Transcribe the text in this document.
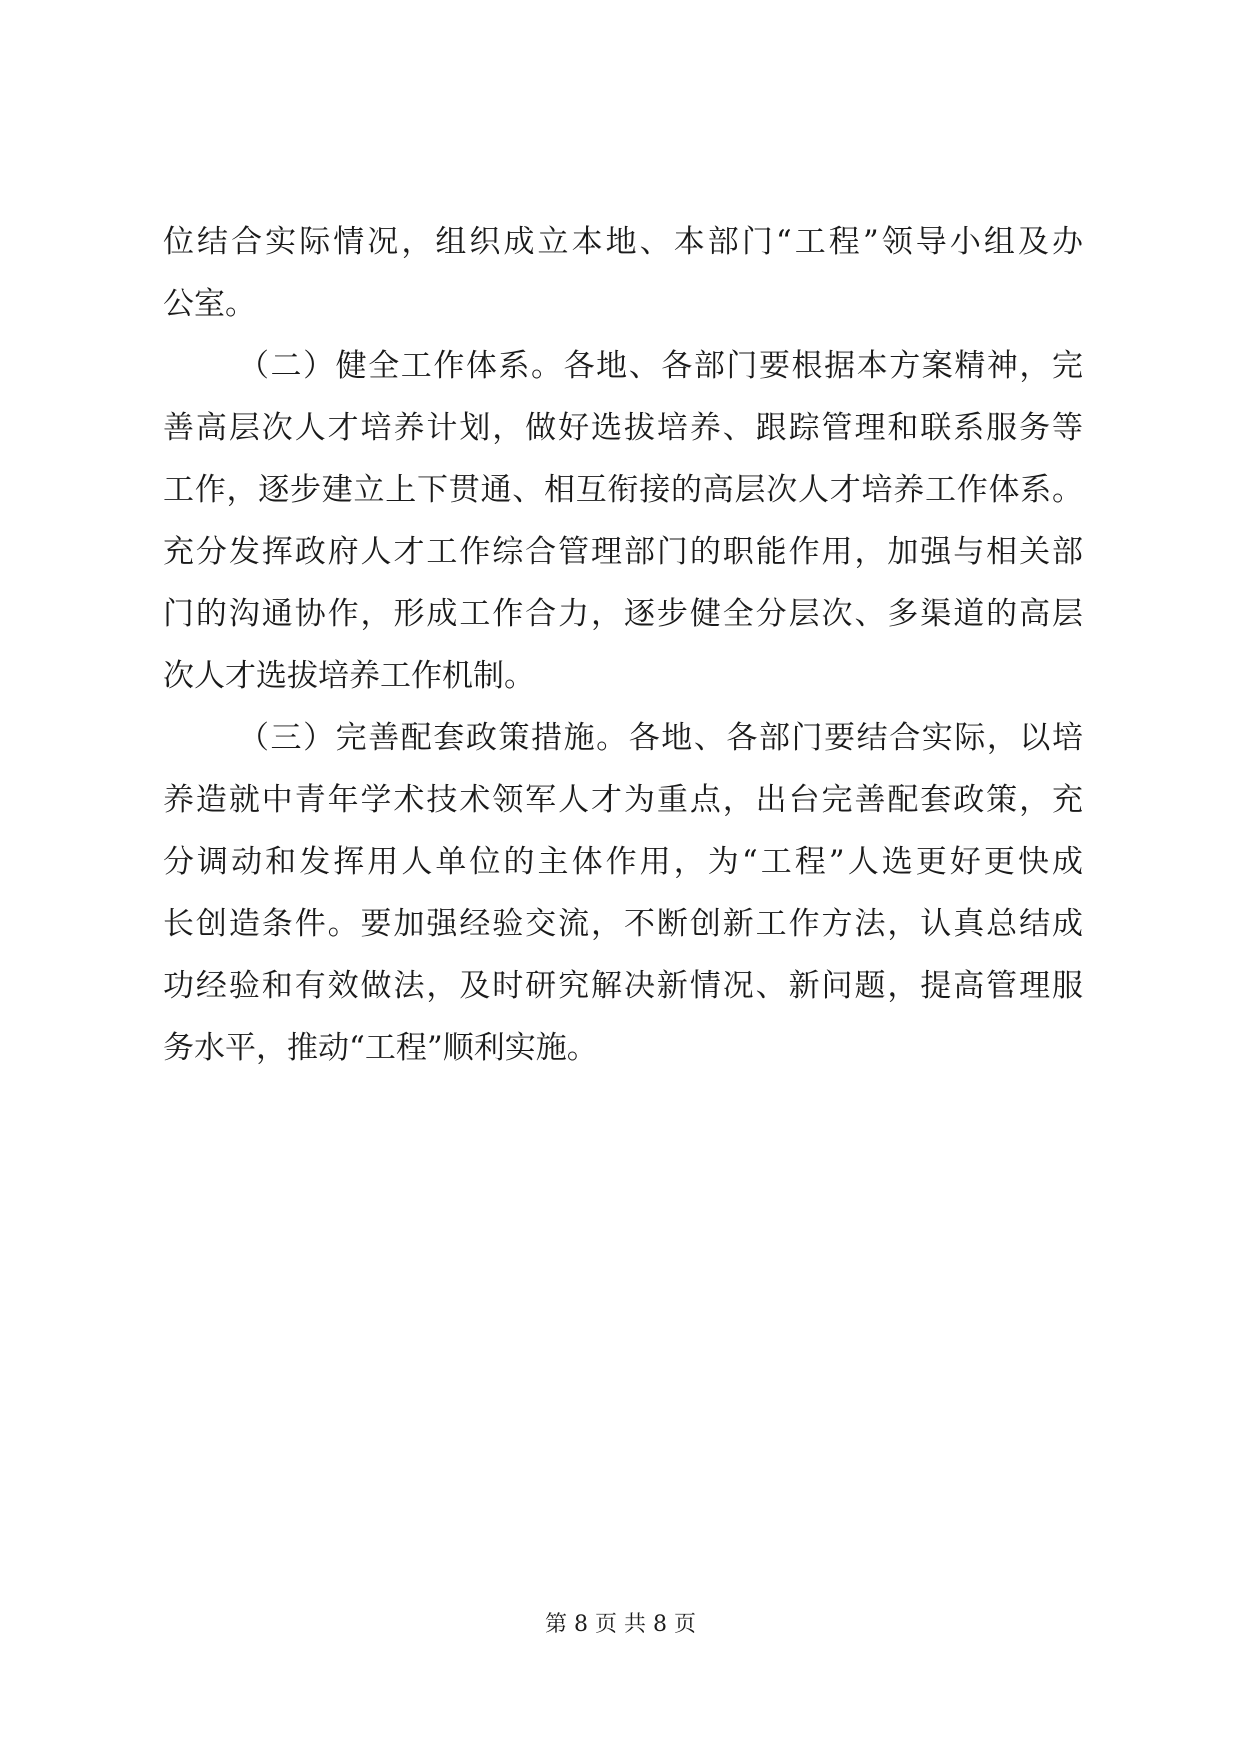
位结合实际情况，组织成立本地、本部门“工程”领导小组及办
公室。
（二）健全工作体系。各地、各部门要根据本方案精神，完
善高层次人才培养计划，做好选拔培养、跟踪管理和联系服务等
工作，逐步建立上下贯通、相互衔接的高层次人才培养工作体系。
充分发挥政府人才工作综合管理部门的职能作用，加强与相关部
门的沟通协作，形成工作合力，逐步健全分层次、多渠道的高层
次人才选拔培养工作机制。
（三）完善配套政策措施。各地、各部门要结合实际，以培
养造就中青年学术技术领军人才为重点，出台完善配套政策，充
分调动和发挥用人单位的主体作用，为“工程”人选更好更快成
长创造条件。要加强经验交流，不断创新工作方法，认真总结成
功经验和有效做法，及时研究解决新情况、新问题，提高管理服
务水平，推动“工程”顺利实施。
第 8 页 共 8 页
